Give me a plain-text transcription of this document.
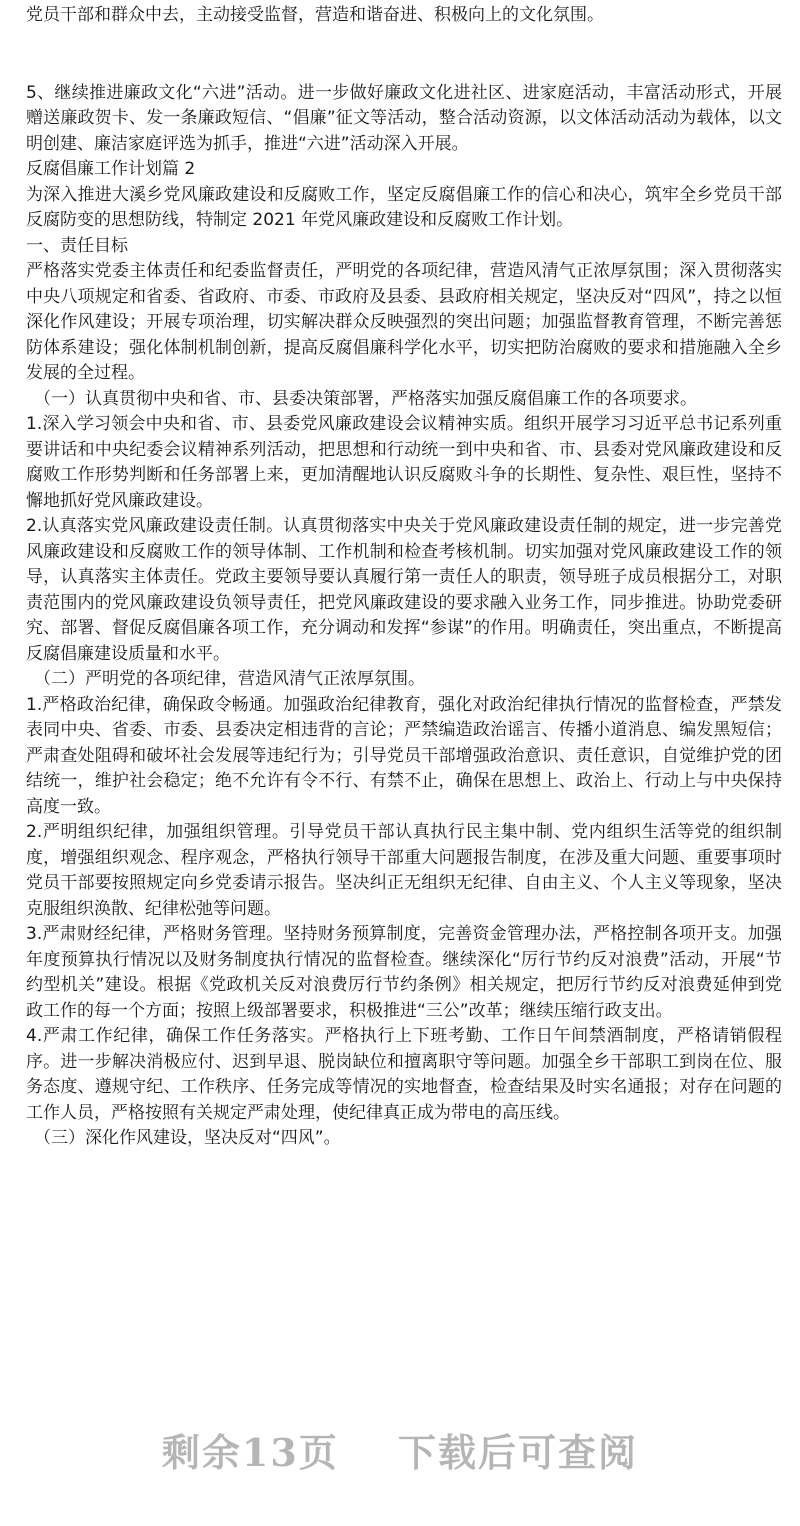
党员干部和群众中去，主动接受监督，营造和谐奋进、积极向上的文化氛围。

5、继续推进廉政文化“六进”活动。进一步做好廉政文化进社区、进家庭活动，丰富活动形式，开展赠送廉政贺卡、发一条廉政短信、“倡廉”征文等活动，整合活动资源，以文体活动活动为载体，以文明创建、廉洁家庭评选为抓手，推进“六进”活动深入开展。

反腐倡廉工作计划篇 2

为深入推进大溪乡党风廉政建设和反腐败工作，坚定反腐倡廉工作的信心和决心，筑牢全乡党员干部反腐防变的思想防线，特制定 2021 年党风廉政建设和反腐败工作计划。

一、责任目标

严格落实党委主体责任和纪委监督责任，严明党的各项纪律，营造风清气正浓厚氛围；深入贯彻落实中央八项规定和省委、省政府、市委、市政府及县委、县政府相关规定，坚决反对“四风”，持之以恒深化作风建设；开展专项治理，切实解决群众反映强烈的突出问题；加强监督教育管理，不断完善惩防体系建设；强化体制机制创新，提高反腐倡廉科学化水平，切实把防治腐败的要求和措施融入全乡发展的全过程。

（一）认真贯彻中央和省、市、县委决策部署，严格落实加强反腐倡廉工作的各项要求。

1.深入学习领会中央和省、市、县委党风廉政建设会议精神实质。组织开展学习习近平总书记系列重要讲话和中央纪委会议精神系列活动，把思想和行动统一到中央和省、市、县委对党风廉政建设和反腐败工作形势判断和任务部署上来，更加清醒地认识反腐败斗争的长期性、复杂性、艰巨性，坚持不懈地抓好党风廉政建设。

2.认真落实党风廉政建设责任制。认真贯彻落实中央关于党风廉政建设责任制的规定，进一步完善党风廉政建设和反腐败工作的领导体制、工作机制和检查考核机制。切实加强对党风廉政建设工作的领导，认真落实主体责任。党政主要领导要认真履行第一责任人的职责，领导班子成员根据分工，对职责范围内的党风廉政建设负领导责任，把党风廉政建设的要求融入业务工作，同步推进。协助党委研究、部署、督促反腐倡廉各项工作，充分调动和发挥“参谋”的作用。明确责任，突出重点，不断提高反腐倡廉建设质量和水平。

（二）严明党的各项纪律，营造风清气正浓厚氛围。

1.严格政治纪律，确保政令畅通。加强政治纪律教育，强化对政治纪律执行情况的监督检查，严禁发表同中央、省委、市委、县委决定相违背的言论；严禁编造政治谣言、传播小道消息、编发黑短信；严肃查处阻碍和破坏社会发展等违纪行为；引导党员干部增强政治意识、责任意识，自觉维护党的团结统一，维护社会稳定；绝不允许有令不行、有禁不止，确保在思想上、政治上、行动上与中央保持高度一致。

2.严明组织纪律，加强组织管理。引导党员干部认真执行民主集中制、党内组织生活等党的组织制度，增强组织观念、程序观念，严格执行领导干部重大问题报告制度，在涉及重大问题、重要事项时党员干部要按照规定向乡党委请示报告。坚决纠正无组织无纪律、自由主义、个人主义等现象，坚决克服组织涣散、纪律松弛等问题。

3.严肃财经纪律，严格财务管理。坚持财务预算制度，完善资金管理办法，严格控制各项开支。加强年度预算执行情况以及财务制度执行情况的监督检查。继续深化“厉行节约反对浪费”活动，开展“节约型机关”建设。根据《党政机关反对浪费厉行节约条例》相关规定，把厉行节约反对浪费延伸到党政工作的每一个方面；按照上级部署要求，积极推进“三公”改革；继续压缩行政支出。

4.严肃工作纪律，确保工作任务落实。严格执行上下班考勤、工作日午间禁酒制度，严格请销假程序。进一步解决消极应付、迟到早退、脱岗缺位和擅离职守等问题。加强全乡干部职工到岗在位、服务态度、遵规守纪、工作秩序、任务完成等情况的实地督查，检查结果及时实名通报；对存在问题的工作人员，严格按照有关规定严肃处理，使纪律真正成为带电的高压线。

（三）深化作风建设，坚决反对“四风”。

剩余13页 下载后可查阅
